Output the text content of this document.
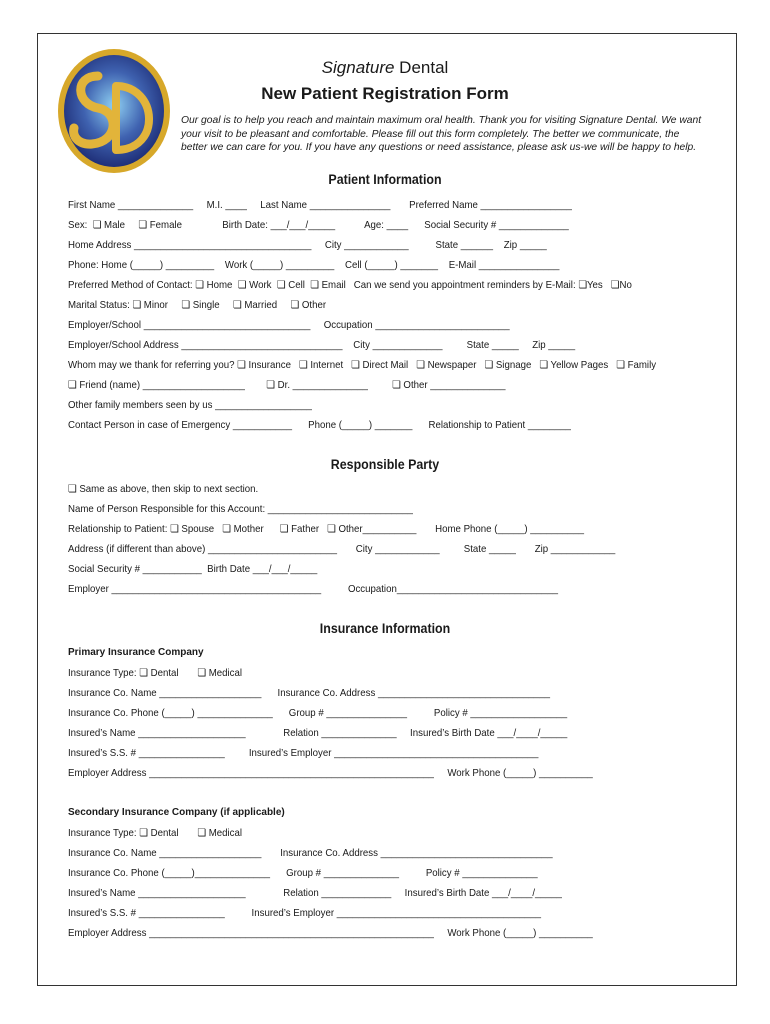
Signature Dental
New Patient Registration Form
Our goal is to help you reach and maintain maximum oral health. Thank you for visiting Signature Dental. We want your visit to be pleasant and comfortable. Please fill out this form completely. The better we communicate, the better we can care for you. If you have any questions or need assistance, please ask us-we will be happy to help.
Patient Information
First Name ______________     M.I. ____     Last Name _______________       Preferred Name _________________
Sex:  ❏ Male     ❏ Female               Birth Date: ___/___/_____           Age: ____      Social Security # _____________
Home Address _________________________________     City ____________          State ______    Zip _____
Phone: Home (_____) _________    Work (_____) _________    Cell (_____) _______    E-Mail _______________
Preferred Method of Contact: ❏ Home  ❏ Work  ❏ Cell  ❏ Email   Can we send you appointment reminders by E-Mail: ❏Yes   ❏No
Marital Status: ❏ Minor     ❏ Single     ❏ Married     ❏ Other
Employer/School _______________________________     Occupation _________________________
Employer/School Address ______________________________    City _____________         State _____     Zip _____
Whom may we thank for referring you? ❏ Insurance   ❏ Internet   ❏ Direct Mail   ❏ Newspaper   ❏ Signage   ❏ Yellow Pages   ❏ Family
❏ Friend (name) ___________________        ❏ Dr. ______________         ❏ Other ______________
Other family members seen by us __________________
Contact Person in case of Emergency ___________      Phone (_____) _______      Relationship to Patient ________
Responsible Party
❏ Same as above, then skip to next section.
Name of Person Responsible for this Account: ___________________________
Relationship to Patient: ❏ Spouse   ❏ Mother      ❏ Father   ❏ Other__________       Home Phone (_____) __________
Address (if different than above) ________________________       City ____________         State _____       Zip ____________
Social Security # ___________  Birth Date ___/___/_____
Employer _______________________________________          Occupation______________________________
Insurance Information
Primary Insurance Company
Insurance Type: ❏ Dental       ❏ Medical
Insurance Co. Name ___________________      Insurance Co. Address ________________________________
Insurance Co. Phone (_____) ______________      Group # _______________          Policy # __________________
Insured’s Name ____________________              Relation ______________     Insured’s Birth Date ___/____/_____
Insured’s S.S. # ________________         Insured’s Employer ______________________________________
Employer Address _____________________________________________________     Work Phone (_____) __________
Secondary Insurance Company (if applicable)
Insurance Type: ❏ Dental       ❏ Medical
Insurance Co. Name ___________________       Insurance Co. Address ________________________________
Insurance Co. Phone (_____)______________      Group # ______________          Policy # ______________
Insured’s Name ____________________              Relation _____________     Insured’s Birth Date ___/____/_____
Insured’s S.S. # ________________          Insured’s Employer ______________________________________
Employer Address _____________________________________________________     Work Phone (_____) __________
